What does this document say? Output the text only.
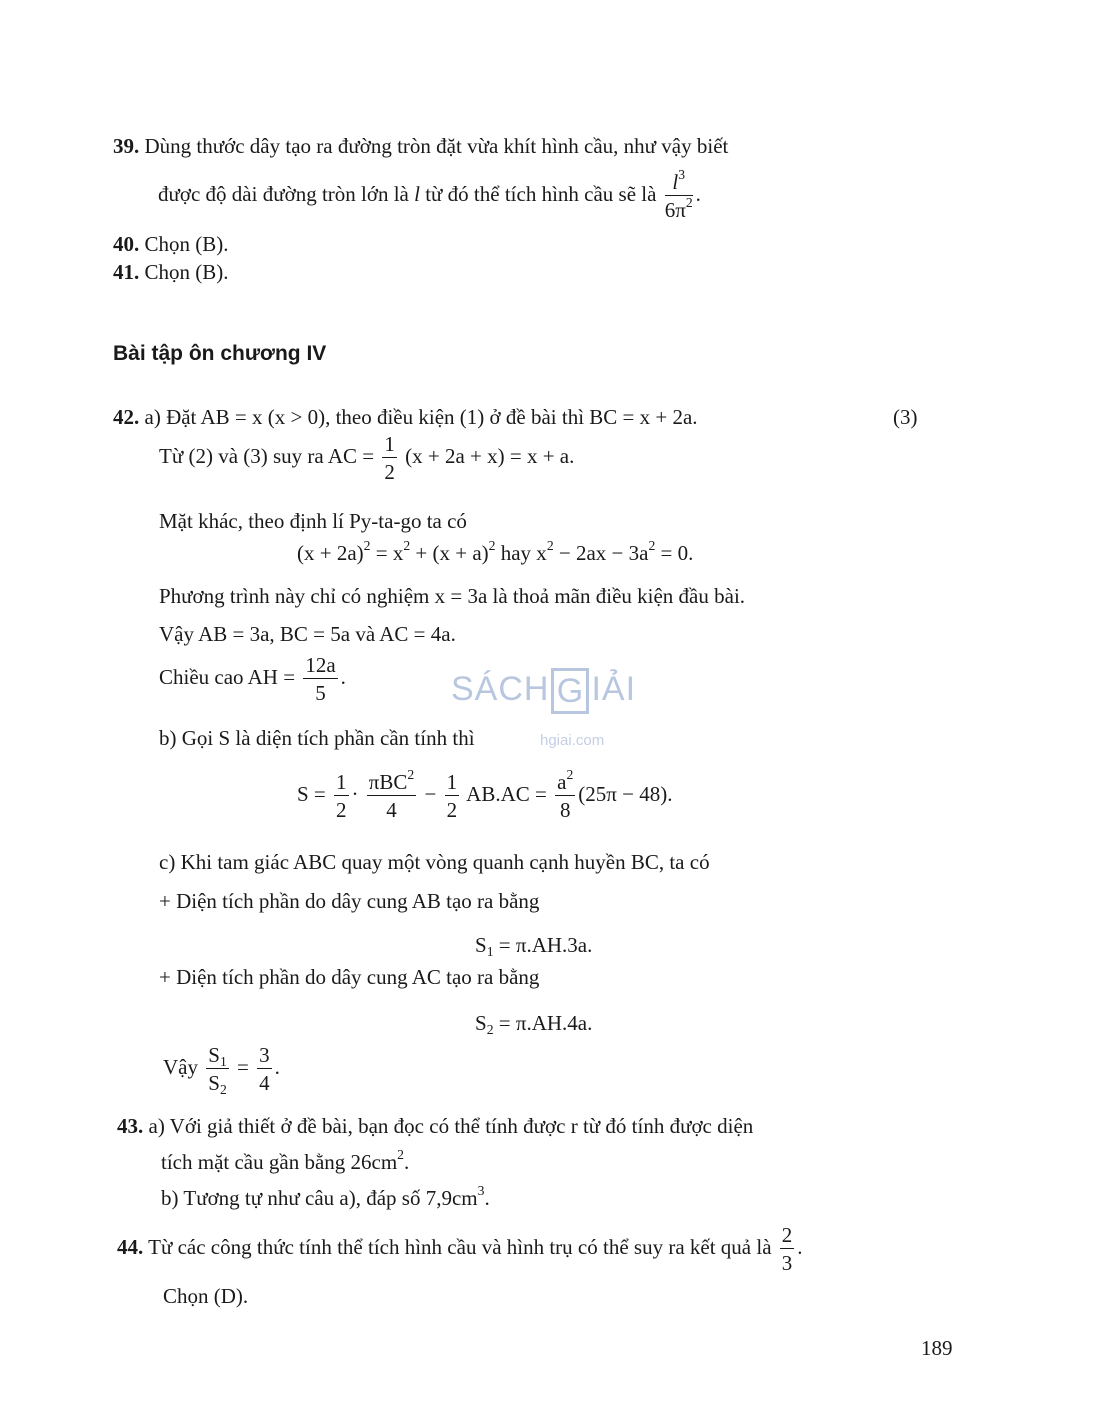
39. Dùng thước dây tạo ra đường tròn đặt vừa khít hình cầu, như vậy biết
được độ dài đường tròn lớn là l từ đó thể tích hình cầu sẽ là $\frac{l^3}{6\pi^2}$ .
40. Chọn (B).
41. Chọn (B).
Bài tập ôn chương IV
42. a) Đặt AB = x (x > 0), theo điều kiện (1) ở đề bài thì BC = x + 2a.	(3)
Từ (2) và (3) suy ra AC = $\frac{1}{2} (x + 2a + x) = x + a$.
Mặt khác, theo định lí Py-ta-go ta có
$(x + 2a)^2 = x^2 + (x + a)^2$ hay $x^2 - 2ax - 3a^2 = 0$.
Phương trình này chỉ có nghiệm x = 3a là thoả mãn điều kiện đầu bài.
Vậy AB = 3a, BC = 5a và AC = 4a.
Chiều cao AH = $\frac{12a}{5}$ .	SÁCH G IẢI
b) Gọi S là diện tích phần cần tính thì	hgiai.com
$S = \frac{1}{2} \cdot \frac{\pi BC^2}{4} - \frac{1}{2} AB.AC = \frac{a^2}{8} (25\pi - 48)$.
c) Khi tam giác ABC quay một vòng quanh cạnh huyền BC, ta có
+ Diện tích phần do dây cung AB tạo ra bằng
$S_1 = \pi.AH.3a$.
+ Diện tích phần do dây cung AC tạo ra bằng
$S_2 = \pi.AH.4a$.
Vậy $\frac{S_1}{S_2} = \frac{3}{4}$ .
43. a) Với giả thiết ở đề bài, bạn đọc có thể tính được r từ đó tính được diện
tích mặt cầu gần bằng $26cm^2$.
b) Tương tự như câu a), đáp số $7,9cm^3$.
44. Từ các công thức tính thể tích hình cầu và hình trụ có thể suy ra kết quả là $\frac{2}{3}$ .
Chọn (D).
189
